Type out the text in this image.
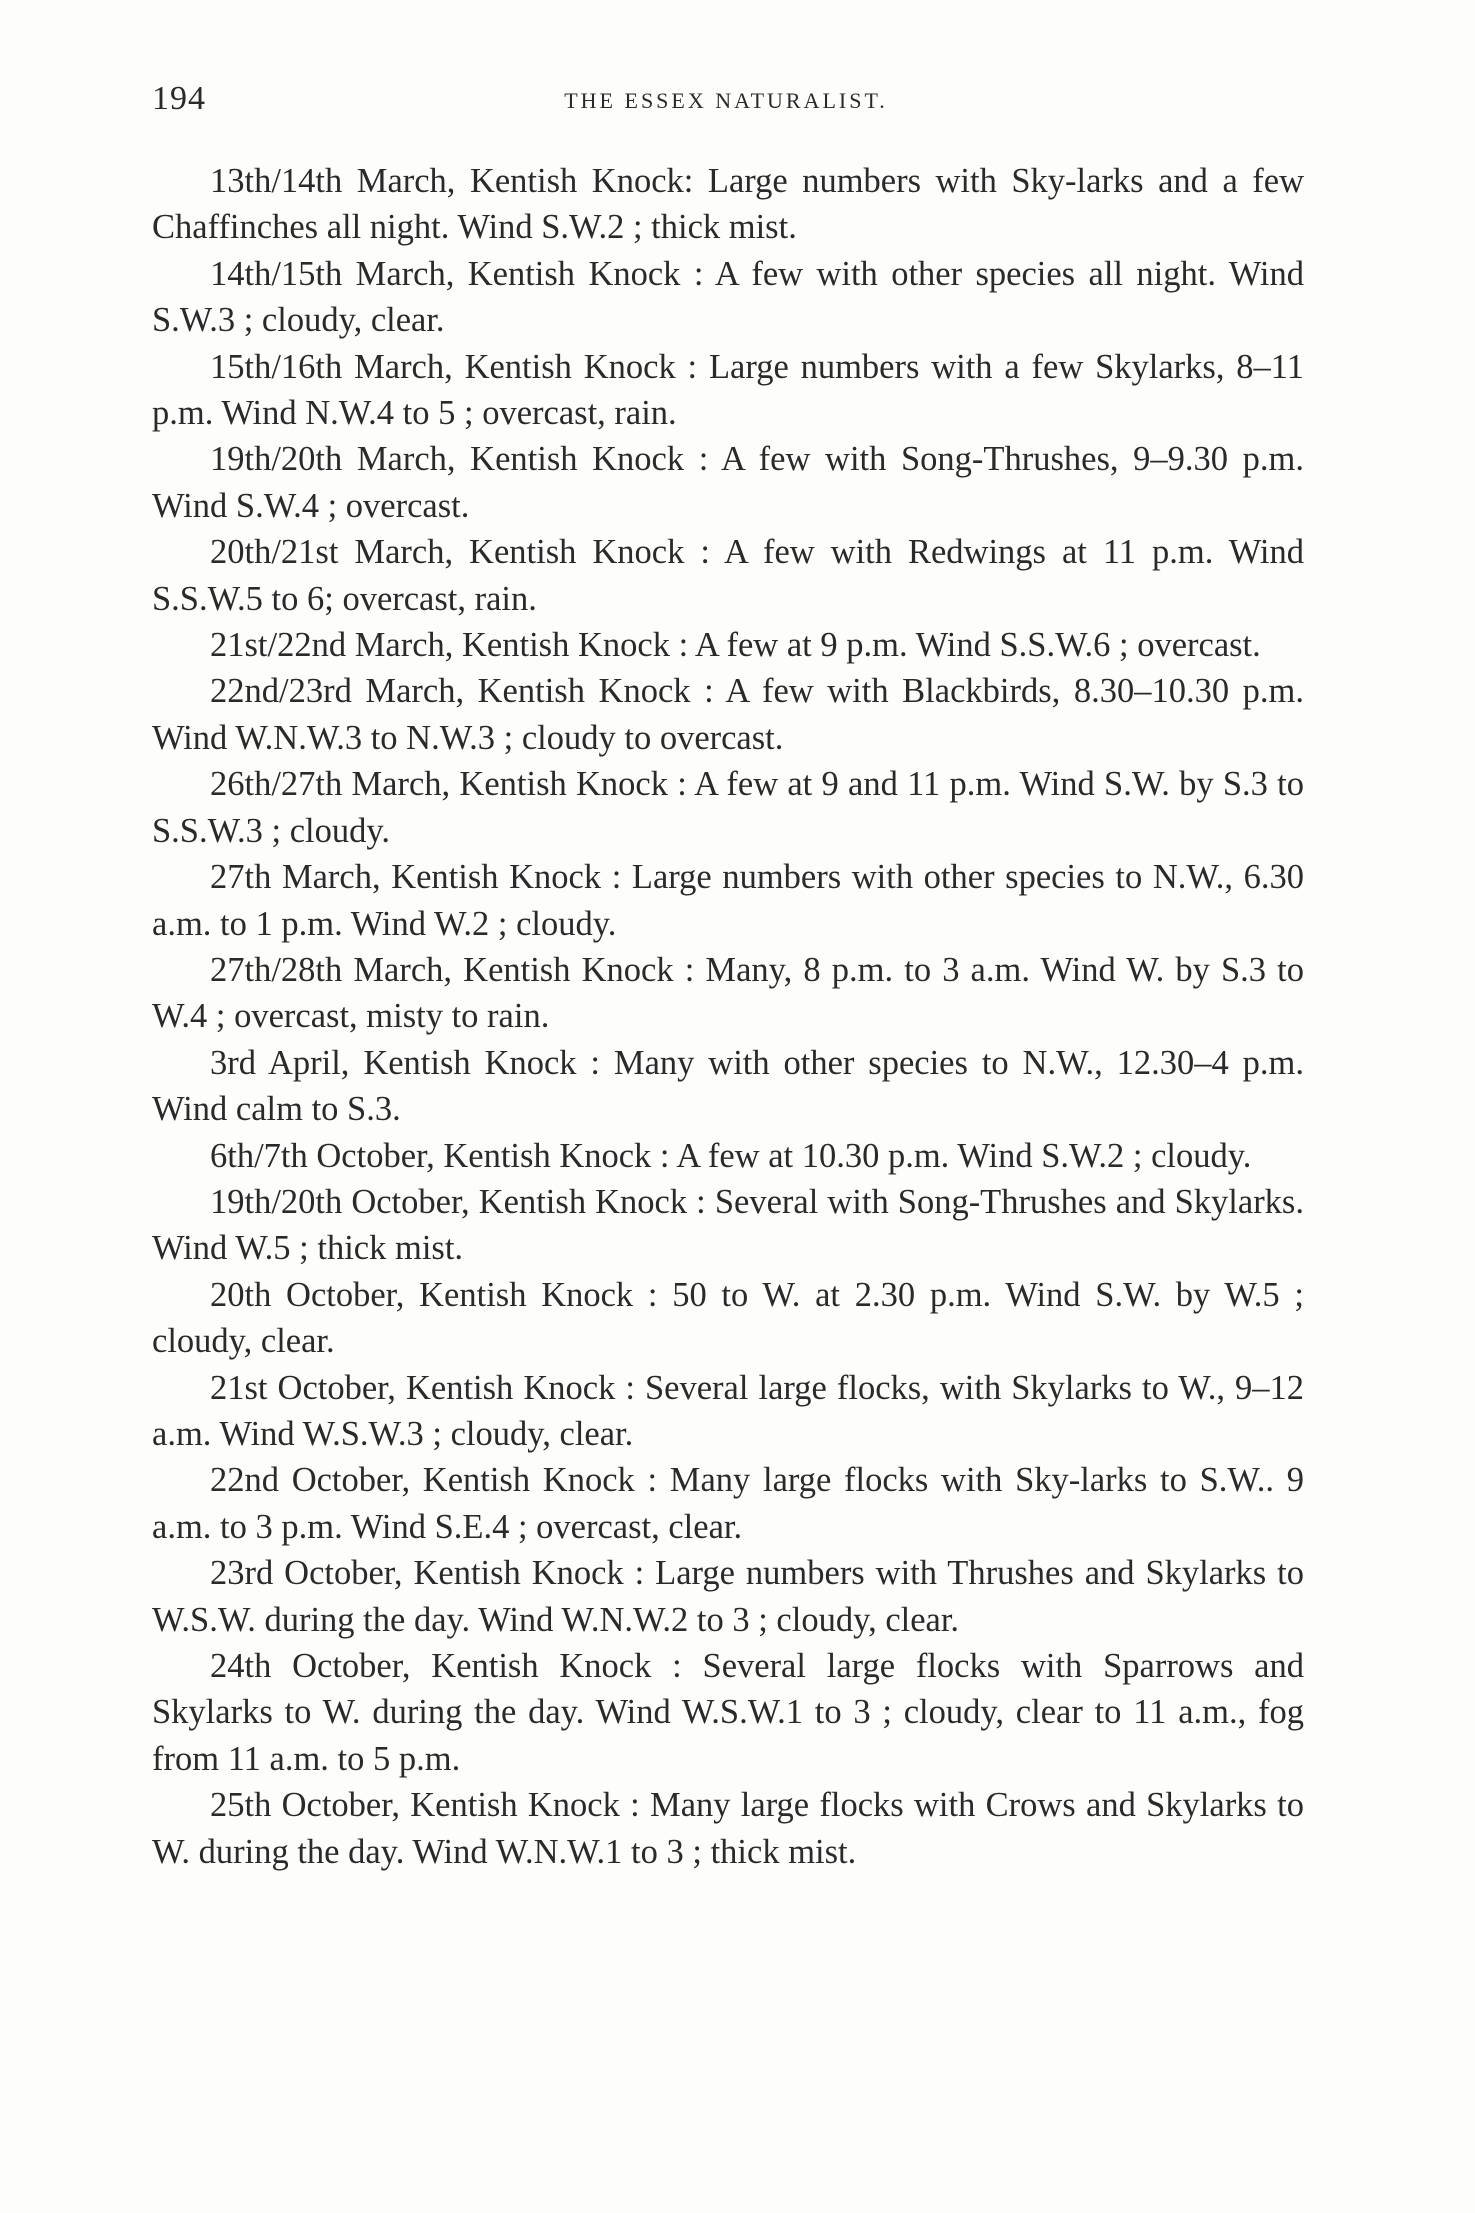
194	THE ESSEX NATURALIST.

13th/14th March, Kentish Knock: Large numbers with Sky-larks and a few Chaffinches all night. Wind S.W.2 ; thick mist.

14th/15th March, Kentish Knock : A few with other species all night. Wind S.W.3 ; cloudy, clear.

15th/16th March, Kentish Knock : Large numbers with a few Skylarks, 8–11 p.m. Wind N.W.4 to 5 ; overcast, rain.

19th/20th March, Kentish Knock : A few with Song-Thrushes, 9–9.30 p.m. Wind S.W.4 ; overcast.

20th/21st March, Kentish Knock : A few with Redwings at 11 p.m. Wind S.S.W.5 to 6; overcast, rain.

21st/22nd March, Kentish Knock : A few at 9 p.m. Wind S.S.W.6 ; overcast.

22nd/23rd March, Kentish Knock : A few with Blackbirds, 8.30–10.30 p.m. Wind W.N.W.3 to N.W.3 ; cloudy to overcast.

26th/27th March, Kentish Knock : A few at 9 and 11 p.m. Wind S.W. by S.3 to S.S.W.3 ; cloudy.

27th March, Kentish Knock : Large numbers with other species to N.W., 6.30 a.m. to 1 p.m. Wind W.2 ; cloudy.

27th/28th March, Kentish Knock : Many, 8 p.m. to 3 a.m. Wind W. by S.3 to W.4 ; overcast, misty to rain.

3rd April, Kentish Knock : Many with other species to N.W., 12.30–4 p.m. Wind calm to S.3.

6th/7th October, Kentish Knock : A few at 10.30 p.m. Wind S.W.2 ; cloudy.

19th/20th October, Kentish Knock : Several with Song-Thrushes and Skylarks. Wind W.5 ; thick mist.

20th October, Kentish Knock : 50 to W. at 2.30 p.m. Wind S.W. by W.5 ; cloudy, clear.

21st October, Kentish Knock : Several large flocks, with Skylarks to W., 9–12 a.m. Wind W.S.W.3 ; cloudy, clear.

22nd October, Kentish Knock : Many large flocks with Sky-larks to S.W.. 9 a.m. to 3 p.m. Wind S.E.4 ; overcast, clear.

23rd October, Kentish Knock : Large numbers with Thrushes and Skylarks to W.S.W. during the day. Wind W.N.W.2 to 3 ; cloudy, clear.

24th October, Kentish Knock : Several large flocks with Sparrows and Skylarks to W. during the day. Wind W.S.W.1 to 3 ; cloudy, clear to 11 a.m., fog from 11 a.m. to 5 p.m.

25th October, Kentish Knock : Many large flocks with Crows and Skylarks to W. during the day. Wind W.N.W.1 to 3 ; thick mist.
